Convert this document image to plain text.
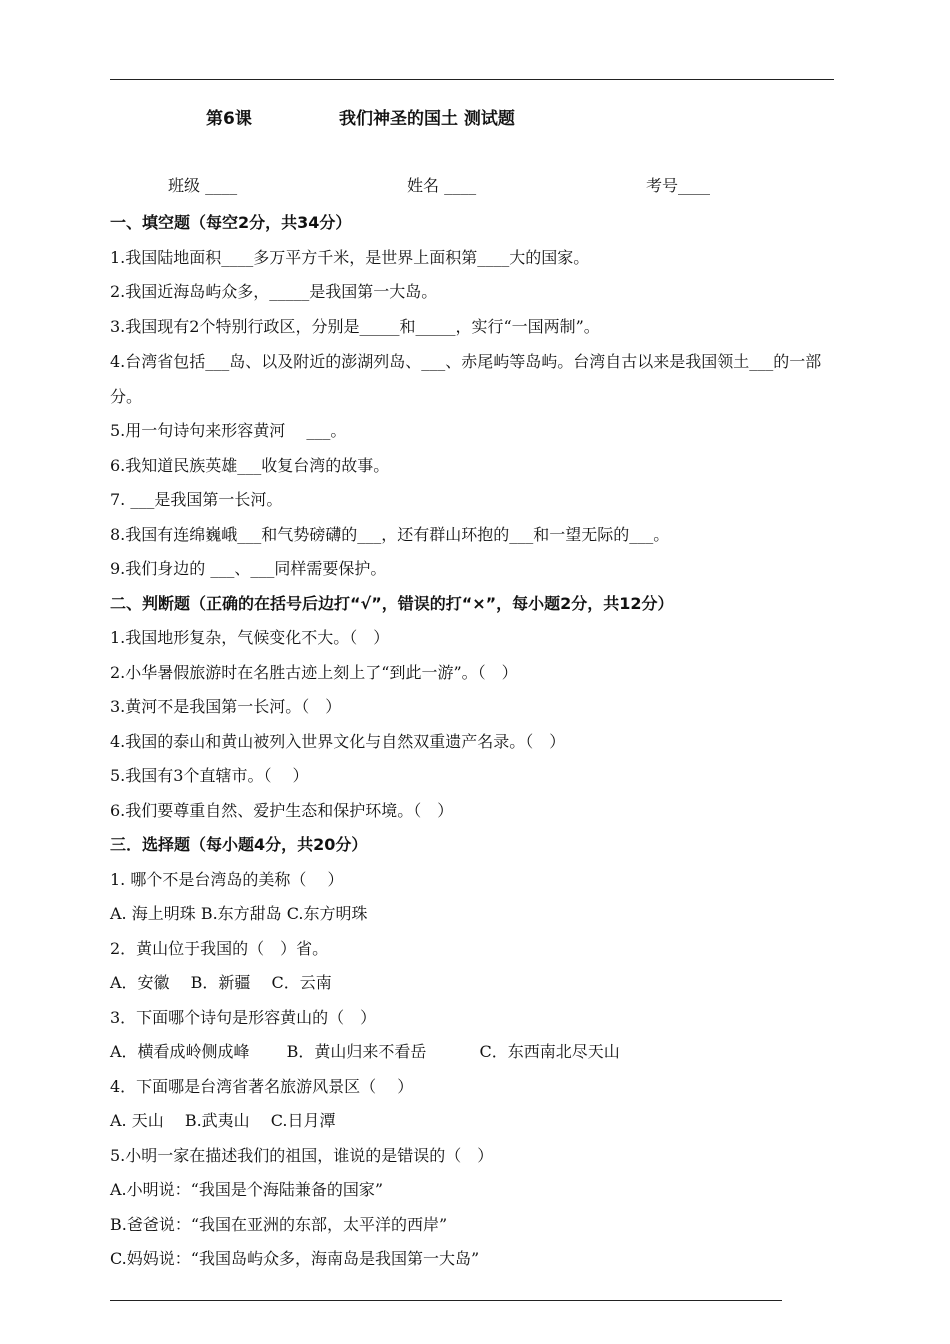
第6课	我们神圣的国土 测试题
班级 ____	姓名 ____	考号____
一、填空题（每空2分，共34分）
1.我国陆地面积____多万平方千米，是世界上面积第____大的国家。
2.我国近海岛屿众多，_____是我国第一大岛。
3.我国现有2个特别行政区，分别是_____和_____，实行“一国两制”。
4.台湾省包括___岛、以及附近的澎湖列岛、___、赤尾屿等岛屿。台湾自古以来是我国领土___的一部分。
5.用一句诗句来形容黄河　 ___。
6.我知道民族英雄___收复台湾的故事。
7. ___是我国第一长河。
8.我国有连绵巍峨___和气势磅礴的___，还有群山环抱的___和一望无际的___。
9.我们身边的 ___、___同样需要保护。
二、判断题（正确的在括号后边打“√”，错误的打“×”，每小题2分，共12分）
1.我国地形复杂，气候变化不大。（　）
2.小华暑假旅游时在名胜古迹上刻上了“到此一游”。（　）
3.黄河不是我国第一长河。（　）
4.我国的泰山和黄山被列入世界文化与自然双重遗产名录。（　）
5.我国有3个直辖市。（　 ）
6.我们要尊重自然、爱护生态和保护环境。（　）
三．选择题（每小题4分，共20分）
1. 哪个不是台湾岛的美称（　 ）
A. 海上明珠 B.东方甜岛 C.东方明珠
2．黄山位于我国的（　）省。
A．安徽　 B．新疆　 C．云南
3．下面哪个诗句是形容黄山的（　）
A．横看成岭侧成峰　　 B．黄山归来不看岳　　　 C．东西南北尽天山
4．下面哪是台湾省著名旅游风景区（　 ）
A. 天山　 B.武夷山　 C.日月潭
5.小明一家在描述我们的祖国，谁说的是错误的（　）
A.小明说：“我国是个海陆兼备的国家”
B.爸爸说：“我国在亚洲的东部，太平洋的西岸”
C.妈妈说：“我国岛屿众多，海南岛是我国第一大岛”
